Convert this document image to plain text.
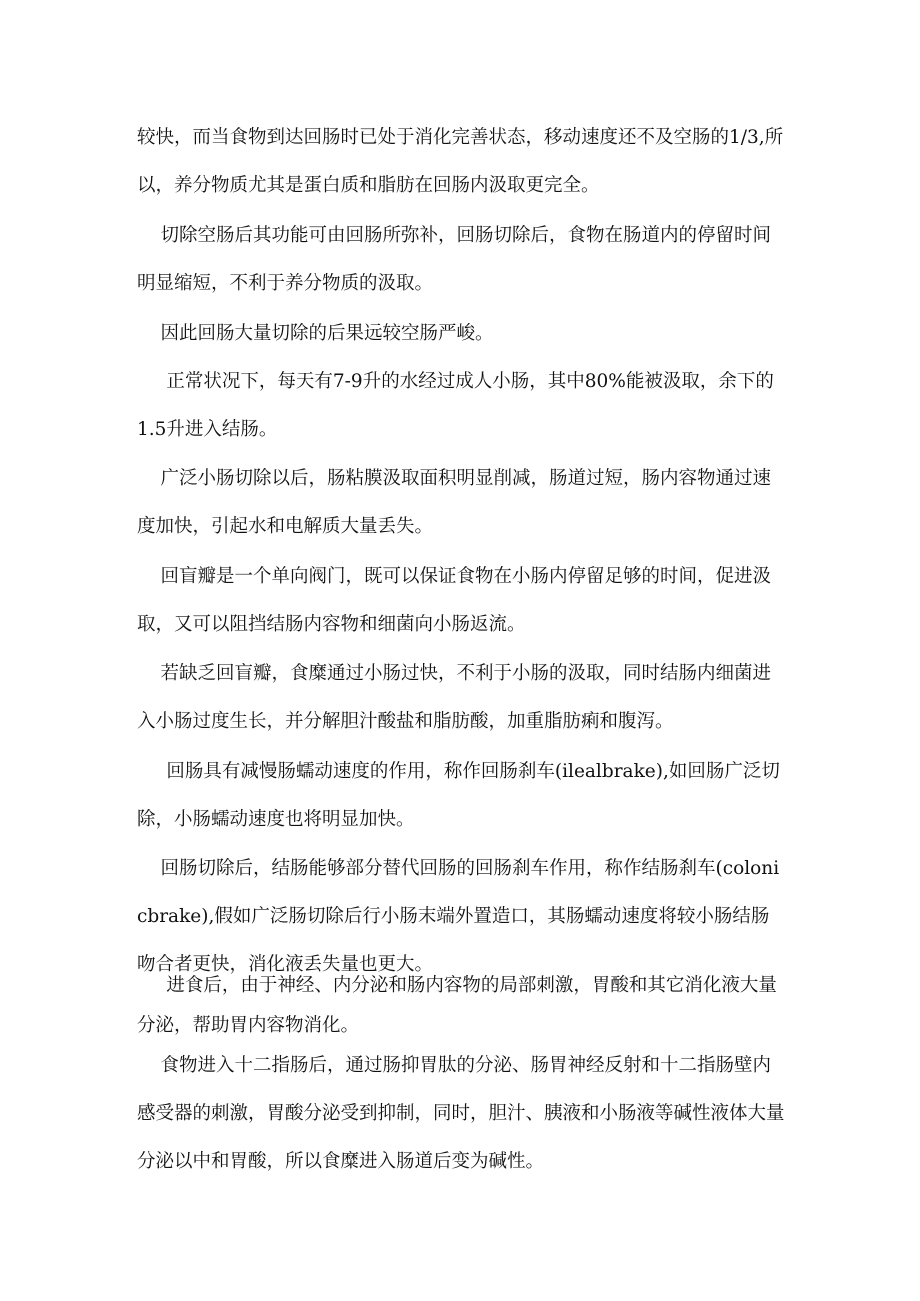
较快，而当食物到达回肠时已处于消化完善状态，移动速度还不及空肠的1/3,所以，养分物质尤其是蛋白质和脂肪在回肠内汲取更完全。

切除空肠后其功能可由回肠所弥补，回肠切除后，食物在肠道内的停留时间明显缩短，不利于养分物质的汲取。

因此回肠大量切除的后果远较空肠严峻。

正常状况下，每天有7-9升的水经过成人小肠，其中80%能被汲取，余下的1.5升进入结肠。

广泛小肠切除以后，肠粘膜汲取面积明显削减，肠道过短，肠内容物通过速度加快，引起水和电解质大量丢失。

回盲瓣是一个单向阀门，既可以保证食物在小肠内停留足够的时间，促进汲取，又可以阻挡结肠内容物和细菌向小肠返流。

若缺乏回盲瓣，食糜通过小肠过快，不利于小肠的汲取，同时结肠内细菌进入小肠过度生长，并分解胆汁酸盐和脂肪酸，加重脂肪痢和腹泻。

回肠具有减慢肠蠕动速度的作用，称作回肠刹车(ilealbrake),如回肠广泛切除，小肠蠕动速度也将明显加快。

回肠切除后，结肠能够部分替代回肠的回肠刹车作用，称作结肠刹车(colonicbrake),假如广泛肠切除后行小肠末端外置造口，其肠蠕动速度将较小肠结肠吻合者更快，消化液丢失量也更大。

进食后，由于神经、内分泌和肠内容物的局部刺激，胃酸和其它消化液大量分泌，帮助胃内容物消化。

食物进入十二指肠后，通过肠抑胃肽的分泌、肠胃神经反射和十二指肠壁内感受器的刺激，胃酸分泌受到抑制，同时，胆汁、胰液和小肠液等碱性液体大量分泌以中和胃酸，所以食糜进入肠道后变为碱性。
